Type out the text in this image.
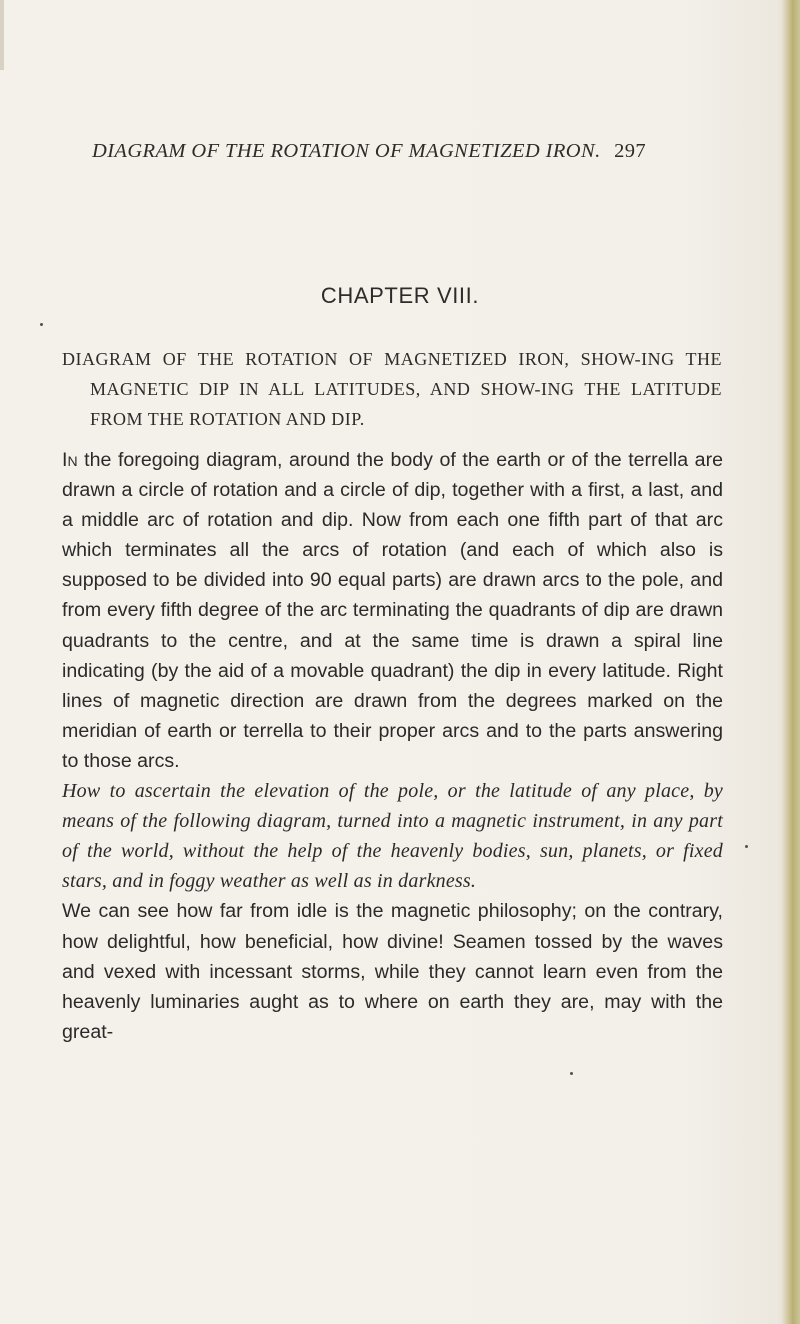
DIAGRAM OF THE ROTATION OF MAGNETIZED IRON. 297
CHAPTER VIII.
DIAGRAM OF THE ROTATION OF MAGNETIZED IRON, SHOW-ING THE MAGNETIC DIP IN ALL LATITUDES, AND SHOW-ING THE LATITUDE FROM THE ROTATION AND DIP.

In the foregoing diagram, around the body of the earth or of the terrella are drawn a circle of rotation and a circle of dip, together with a first, a last, and a middle arc of rotation and dip. Now from each one fifth part of that arc which terminates all the arcs of rotation (and each of which also is supposed to be divided into 90 equal parts) are drawn arcs to the pole, and from every fifth degree of the arc terminating the quadrants of dip are drawn quadrants to the centre, and at the same time is drawn a spiral line indicating (by the aid of a movable quadrant) the dip in every latitude. Right lines of magnetic direction are drawn from the degrees marked on the meridian of earth or terrella to their proper arcs and to the parts answering to those arcs.

How to ascertain the elevation of the pole, or the latitude of any place, by means of the following diagram, turned into a magnetic instrument, in any part of the world, without the help of the heavenly bodies, sun, planets, or fixed stars, and in foggy weather as well as in darkness.

We can see how far from idle is the magnetic philosophy; on the contrary, how delightful, how beneficial, how divine! Seamen tossed by the waves and vexed with incessant storms, while they cannot learn even from the heavenly luminaries aught as to where on earth they are, may with the great-
